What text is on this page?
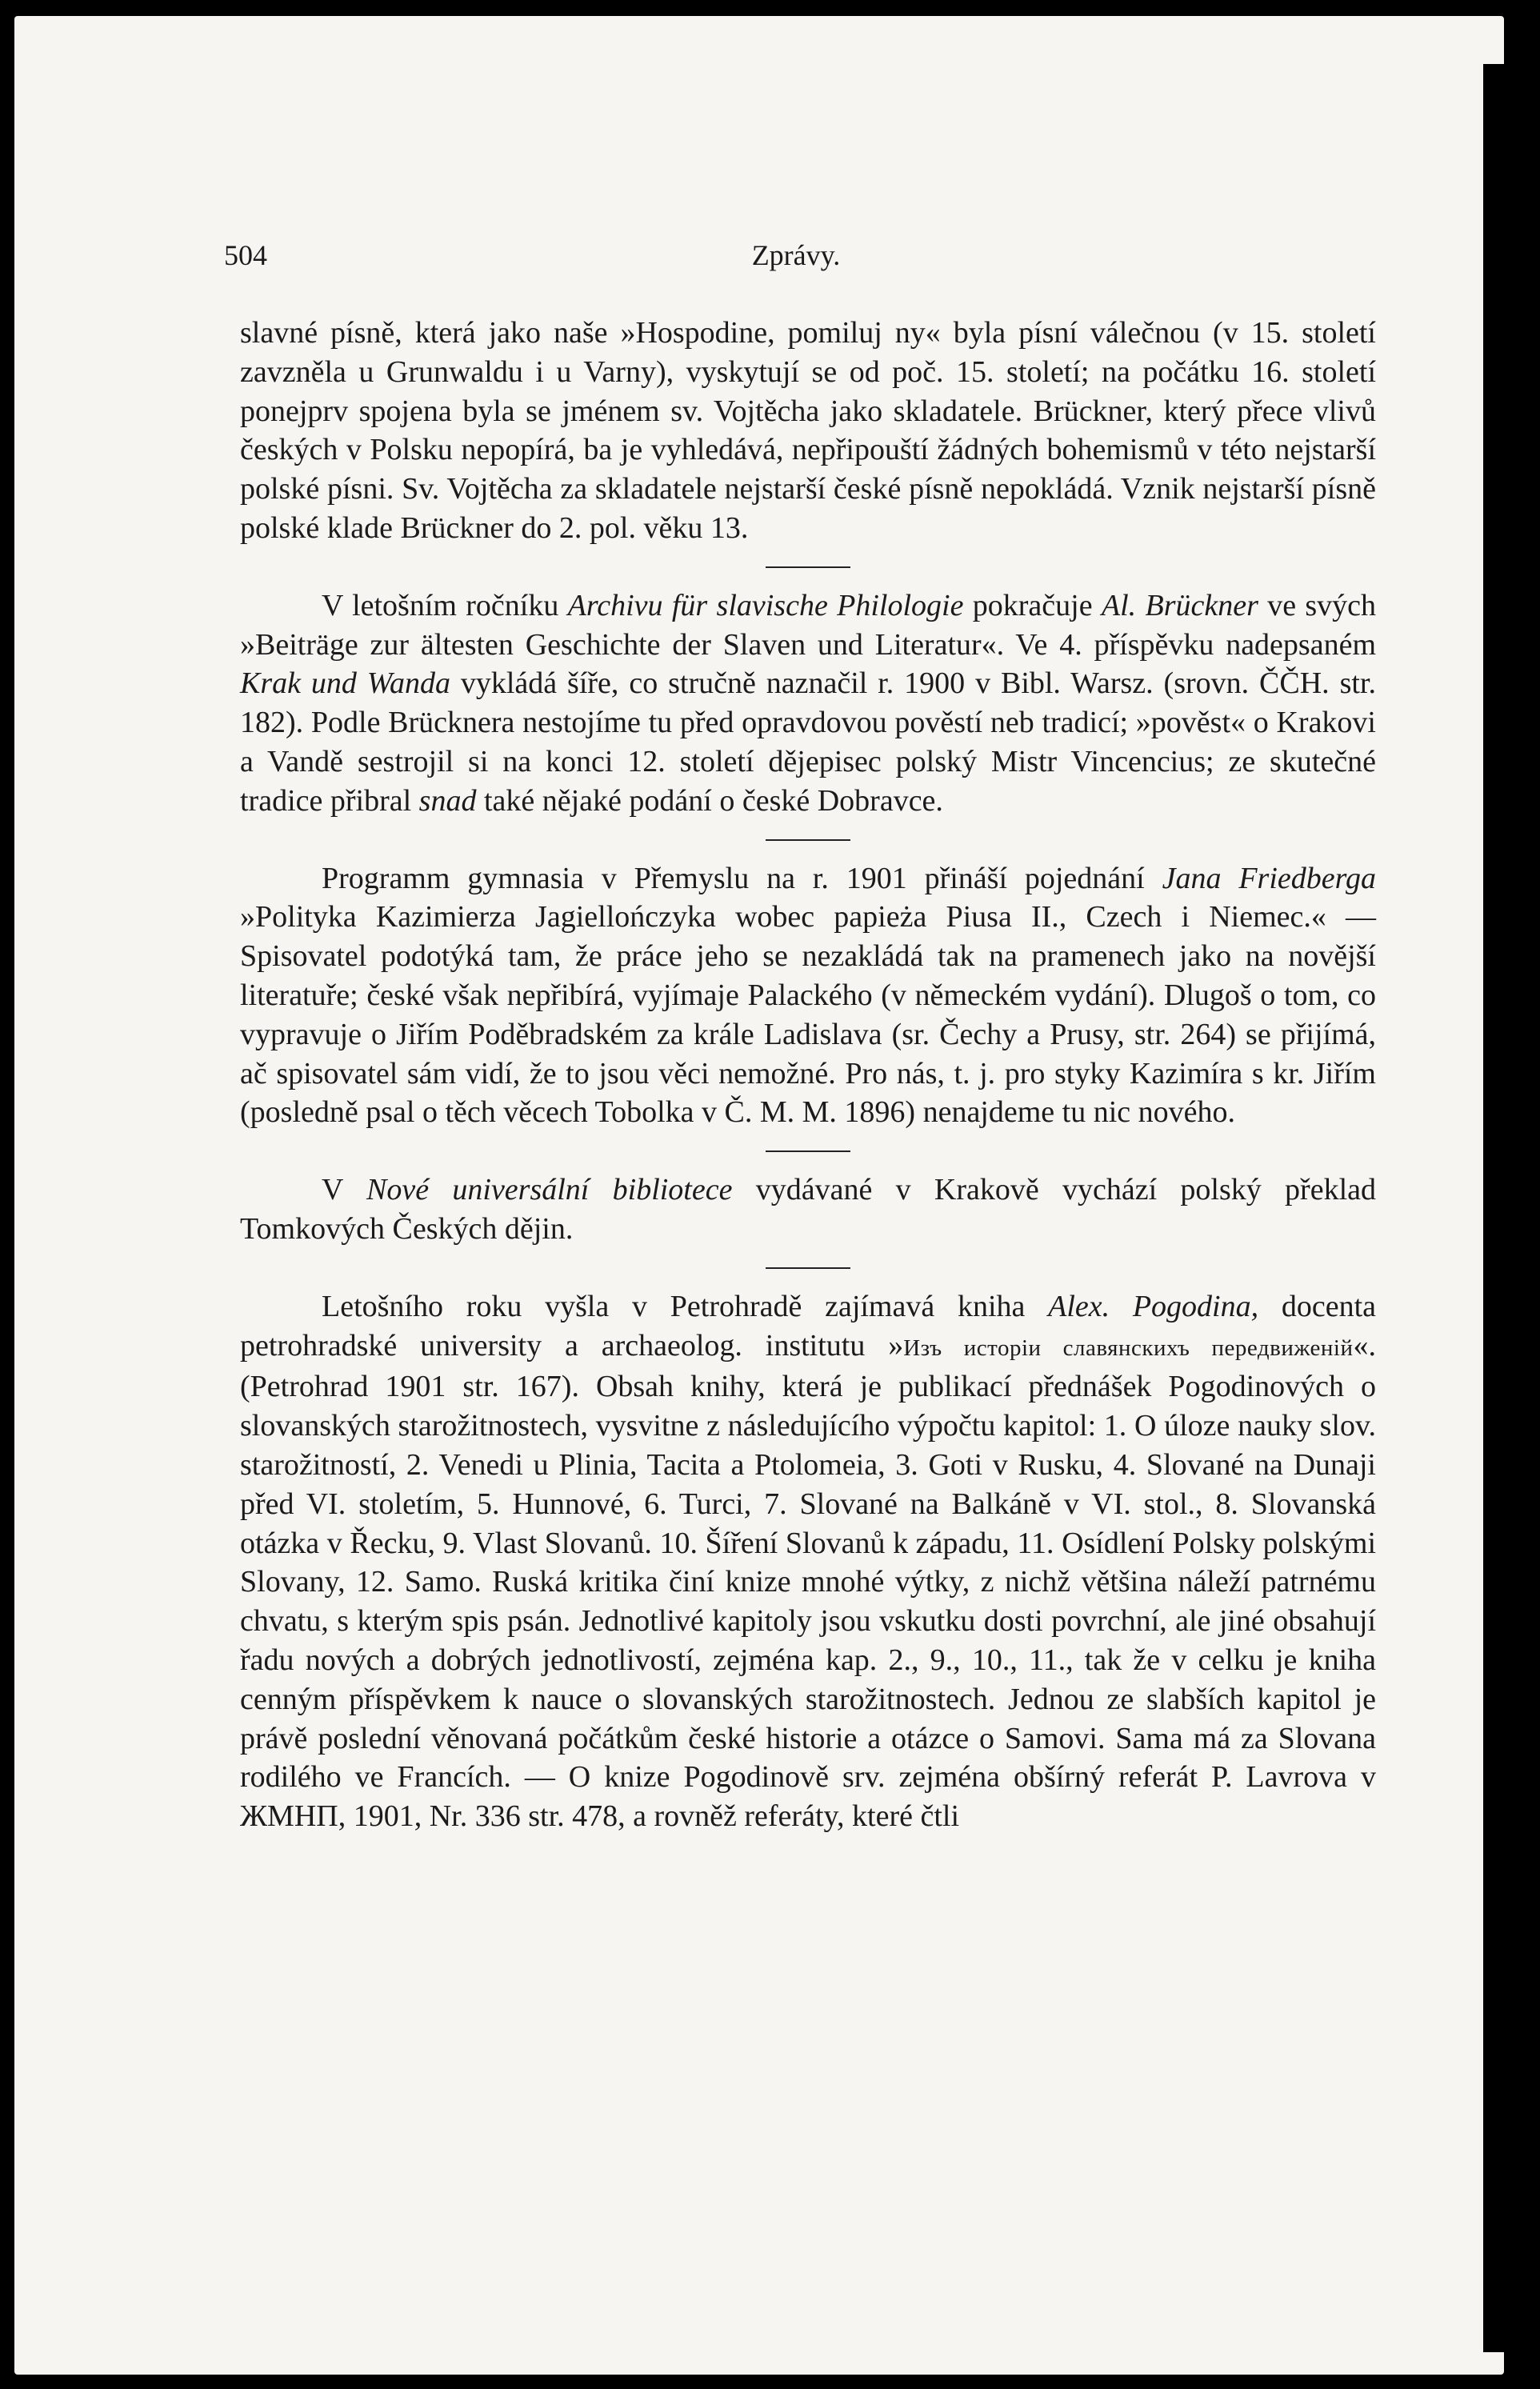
504	Zprávy.

slavné písně, která jako naše »Hospodine, pomiluj ny« byla písní válečnou (v 15. století zavzněla u Grunwaldu i u Varny), vyskytují se od poč. 15. století; na počátku 16. století ponejprv spojena byla se jménem sv. Vojtěcha jako skladatele. Brückner, který přece vlivů českých v Polsku nepopírá, ba je vyhledává, nepřipouští žádných bohemismů v této nejstarší polské písni. Sv. Vojtěcha za skladatele nejstarší české písně nepokládá. Vznik nejstarší písně polské klade Brückner do 2. pol. věku 13.

V letošním ročníku Archivu für slavische Philologie pokračuje Al. Brückner ve svých »Beiträge zur ältesten Geschichte der Slaven und Literatur«. Ve 4. příspěvku nadepsaném Krak und Wanda vykládá šíře, co stručně naznačil r. 1900 v Bibl. Warsz. (srovn. ČČH. str. 182). Podle Brücknera nestojíme tu před opravdovou pověstí neb tradicí; »pověst« o Krakovi a Vandě sestrojil si na konci 12. století dějepisec polský Mistr Vincencius; ze skutečné tradice přibral snad také nějaké podání o české Dobravce.

Programm gymnasia v Přemyslu na r. 1901 přináší pojednání Jana Friedberga »Polityka Kazimierza Jagiellończyka wobec papieża Piusa II., Czech i Niemec.« — Spisovatel podotýká tam, že práce jeho se nezakládá tak na pramenech jako na novější literatuře; české však nepřibírá, vyjímaje Palackého (v německém vydání). Dlugoš o tom, co vypravuje o Jiřím Poděbradském za krále Ladislava (sr. Čechy a Prusy, str. 264) se přijímá, ač spisovatel sám vidí, že to jsou věci nemožné. Pro nás, t. j. pro styky Kazimíra s kr. Jiřím (posledně psal o těch věcech Tobolka v Č. M. M. 1896) nenajdeme tu nic nového.

V Nové universální bibliotece vydávané v Krakově vychází polský překlad Tomkových Českých dějin.

Letošního roku vyšla v Petrohradě zajímavá kniha Alex. Pogodina, docenta petrohradské university a archaeolog. institutu »Изъ исторіи славянскихъ передвиженій«. (Petrohrad 1901 str. 167). Obsah knihy, která je publikací přednášek Pogodinových o slovanských starožitnostech, vysvitne z následujícího výpočtu kapitol: 1. O úloze nauky slov. starožitností, 2. Venedi u Plinia, Tacita a Ptolomeia, 3. Goti v Rusku, 4. Slované na Dunaji před VI. stoletím, 5. Hunnové, 6. Turci, 7. Slované na Balkáně v VI. stol., 8. Slovanská otázka v Řecku, 9. Vlast Slovanů. 10. Šíření Slovanů k západu, 11. Osídlení Polsky polskými Slovany, 12. Samo. Ruská kritika činí knize mnohé výtky, z nichž většina náleží patrnému chvatu, s kterým spis psán. Jednotlivé kapitoly jsou vskutku dosti povrchní, ale jiné obsahují řadu nových a dobrých jednotlivostí, zejména kap. 2., 9., 10., 11., tak že v celku je kniha cenným příspěvkem k nauce o slovanských starožitnostech. Jednou ze slabších kapitol je právě poslední věnovaná počátkům české historie a otázce o Samovi. Sama má za Slovana rodilého ve Francích. — O knize Pogodinově srv. zejména obšírný referát P. Lavrova v ЖМНП, 1901, Nr. 336 str. 478, a rovněž referáty, které čtli
